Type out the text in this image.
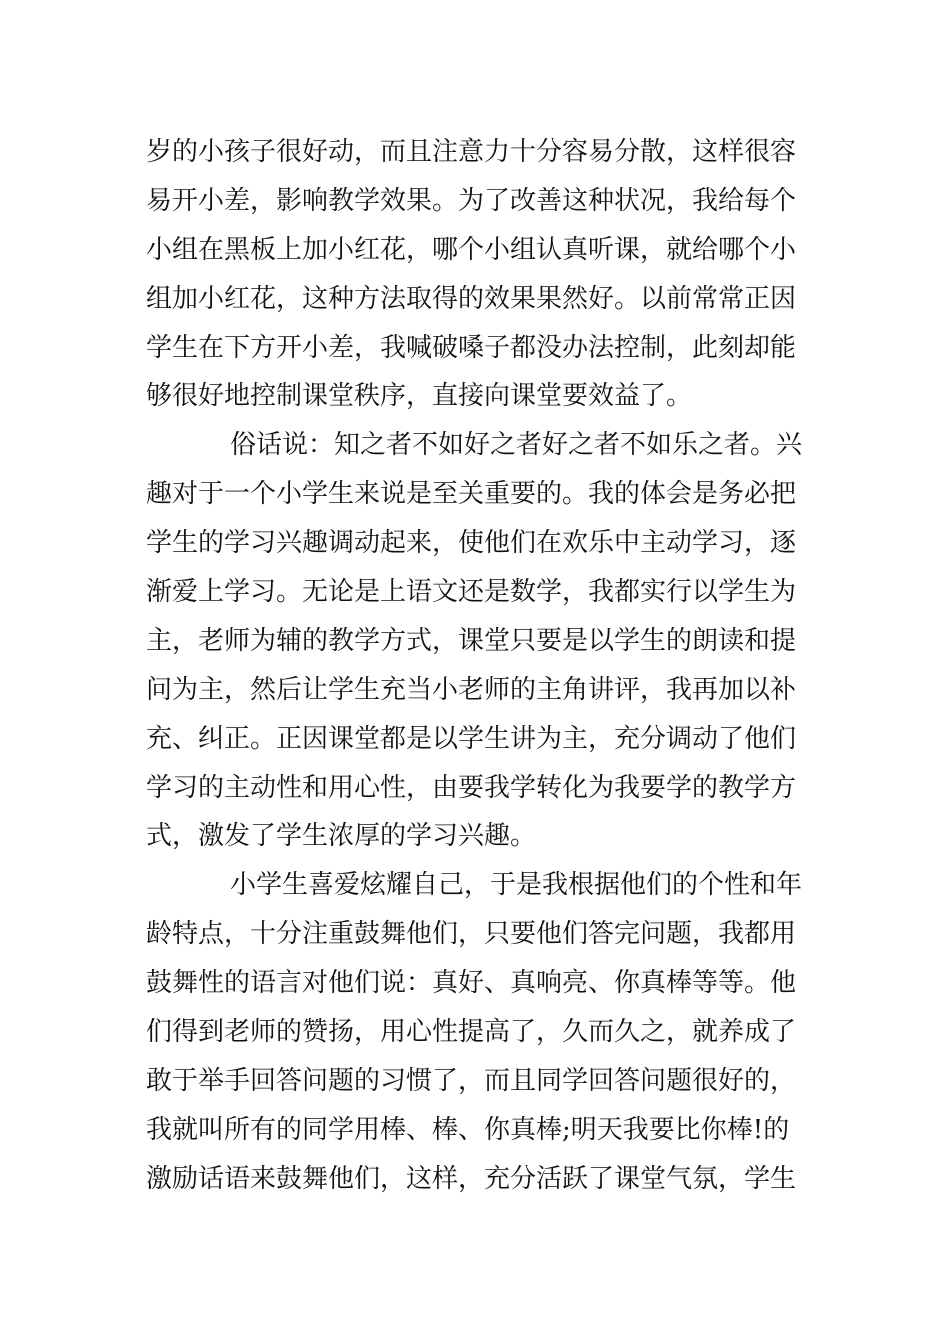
岁的小孩子很好动，而且注意力十分容易分散，这样很容
易开小差，影响教学效果。为了改善这种状况，我给每个
小组在黑板上加小红花，哪个小组认真听课，就给哪个小
组加小红花，这种方法取得的效果果然好。以前常常正因
学生在下方开小差，我喊破嗓子都没办法控制，此刻却能
够很好地控制课堂秩序，直接向课堂要效益了。
俗话说：知之者不如好之者好之者不如乐之者。兴
趣对于一个小学生来说是至关重要的。我的体会是务必把
学生的学习兴趣调动起来，使他们在欢乐中主动学习，逐
渐爱上学习。无论是上语文还是数学，我都实行以学生为
主，老师为辅的教学方式，课堂只要是以学生的朗读和提
问为主，然后让学生充当小老师的主角讲评，我再加以补
充、纠正。正因课堂都是以学生讲为主，充分调动了他们
学习的主动性和用心性，由要我学转化为我要学的教学方
式，激发了学生浓厚的学习兴趣。
小学生喜爱炫耀自己，于是我根据他们的个性和年
龄特点，十分注重鼓舞他们，只要他们答完问题，我都用
鼓舞性的语言对他们说：真好、真响亮、你真棒等等。他
们得到老师的赞扬，用心性提高了，久而久之，就养成了
敢于举手回答问题的习惯了，而且同学回答问题很好的，
我就叫所有的同学用棒、棒、你真棒;明天我要比你棒!的
激励话语来鼓舞他们，这样，充分活跃了课堂气氛，学生
